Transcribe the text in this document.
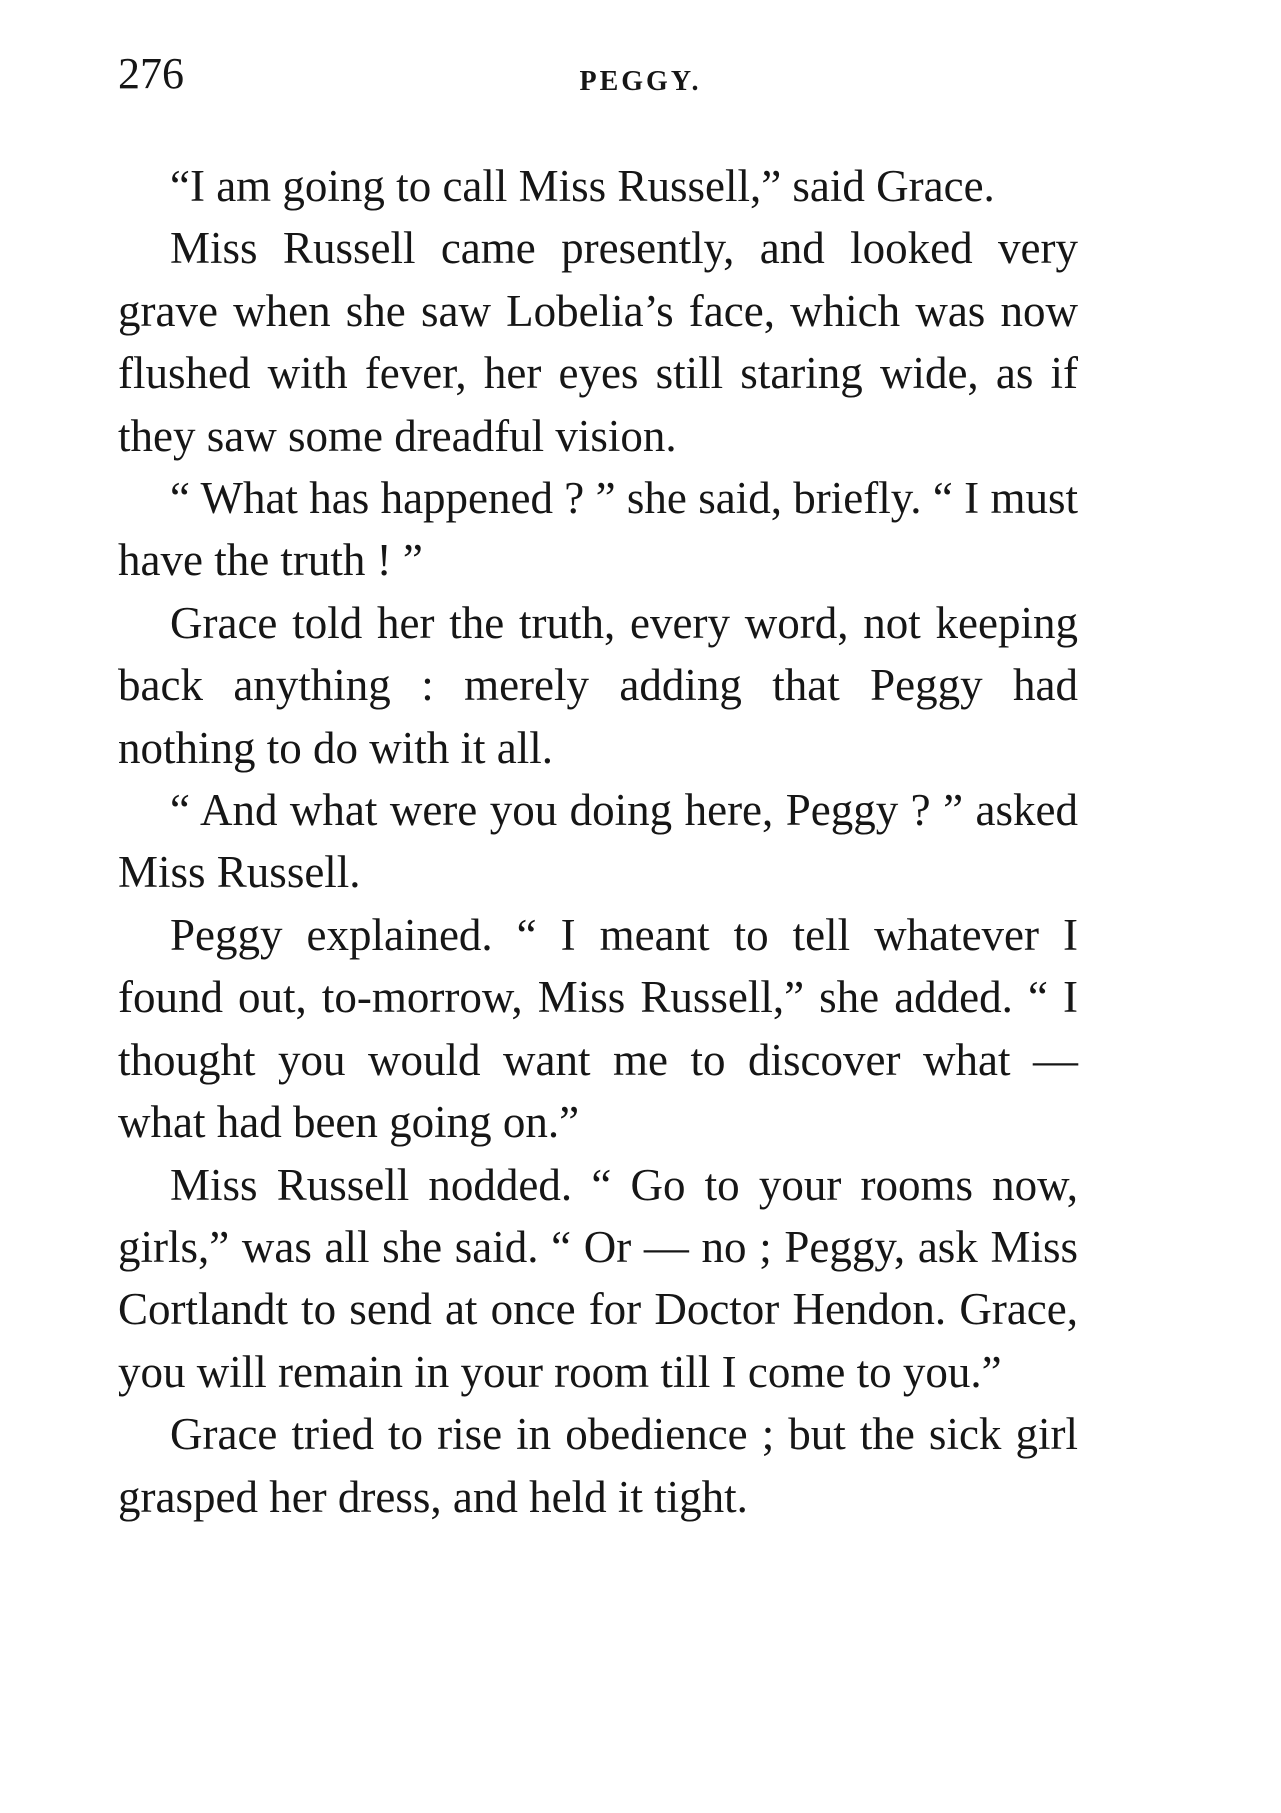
276	PEGGY.

“I am going to call Miss Russell,” said Grace.

Miss Russell came presently, and looked very grave when she saw Lobelia’s face, which was now flushed with fever, her eyes still staring wide, as if they saw some dreadful vision.

“ What has happened ? ” she said, briefly. “ I must have the truth ! ”

Grace told her the truth, every word, not keeping back anything : merely adding that Peggy had nothing to do with it all.

“ And what were you doing here, Peggy ? ” asked Miss Russell.

Peggy explained. “ I meant to tell whatever I found out, to-morrow, Miss Russell,” she added. “ I thought you would want me to discover what — what had been going on.”

Miss Russell nodded. “ Go to your rooms now, girls,” was all she said. “ Or — no ; Peggy, ask Miss Cortlandt to send at once for Doctor Hendon. Grace, you will remain in your room till I come to you.”

Grace tried to rise in obedience ; but the sick girl grasped her dress, and held it tight.
